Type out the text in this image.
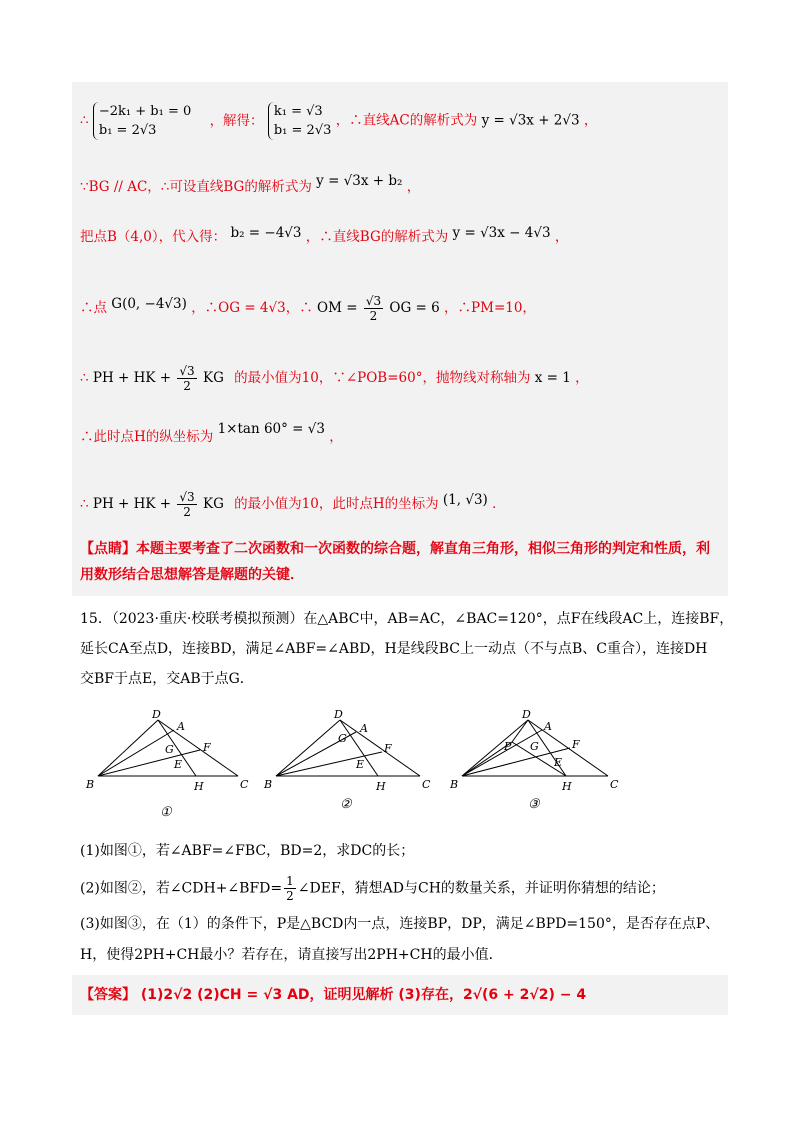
∴
−2k₁ + b₁ = 0
b₁ = 2√3
，解得：
k₁ = √3
b₁ = 2√3
，∴直线AC的解析式为 y = √3x + 2√3 ，
∵BG // AC，∴可设直线BG的解析式为 y = √3x + b₂ ，
把点B（4,0），代入得： b₂ = −4√3 ，∴直线BG的解析式为 y = √3x − 4√3 ，
∴点 G(0, −4√3) ，∴OG = 4√3，∴ OM = $\frac{√3}{2}$ OG = 6 ，∴PM=10，
∴ PH + HK + $\frac{√3}{2}$ KG 的最小值为10，∵∠POB=60°，抛物线对称轴为 x = 1 ，
∴此时点H的纵坐标为 1×tan 60° = √3 ，
∴ PH + HK + $\frac{√3}{2}$ KG 的最小值为10，此时点H的坐标为 (1, √3) ．
【点睛】本题主要考查了二次函数和一次函数的综合题，解直角三角形，相似三角形的判定和性质，利用数形结合思想解答是解题的关键．
15．（2023·重庆·校联考模拟预测）在△ABC中，AB=AC，∠BAC=120°，点F在线段AC上，连接BF，
延长CA至点D，连接BD，满足∠ABF=∠ABD，H是线段BC上一动点（不与点B、C重合），连接DH
交BF于点E，交AB于点G．
D
A
G	F
E
B	H	C
①
D
A
G
F
E
B	H	C
②
D
A
G	F
E
B	H	C
P
③
(1)如图①，若∠ABF=∠FBC，BD=2，求DC的长；
(2)如图②，若∠CDH+∠BFD= $\frac{1}{2}$ ∠DEF，猜想AD与CH的数量关系，并证明你猜想的结论；
(3)如图③，在（1）的条件下，P是△BCD内一点，连接BP，DP，满足∠BPD=150°，是否存在点P、
H，使得2PH+CH最小？若存在，请直接写出2PH+CH的最小值．
【答案】 (1)2√2 (2)CH = √3 AD，证明见解析 (3)存在，2√(6 + 2√2) − 4
